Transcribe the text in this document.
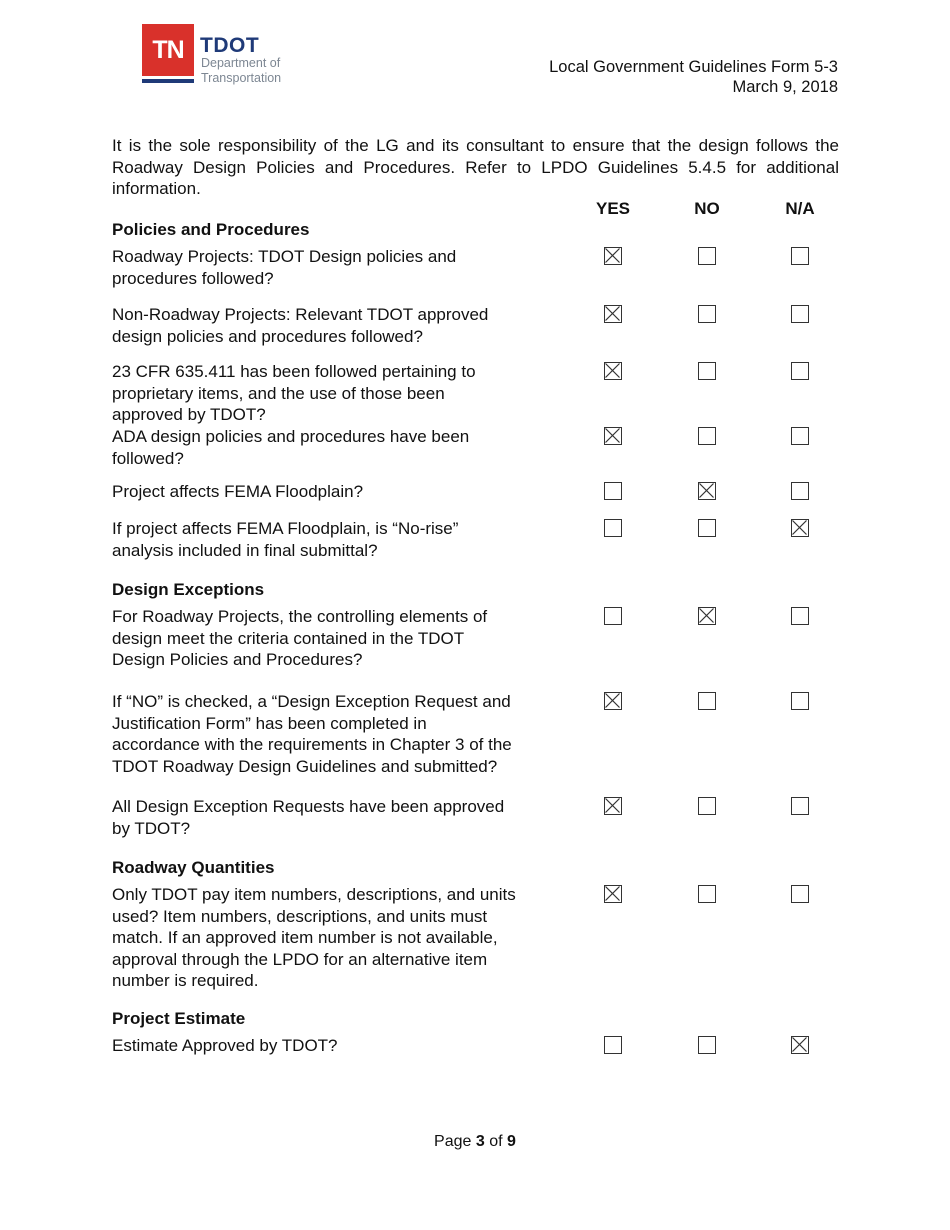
TN TDOT
Department of
Transportation
Local Government Guidelines Form 5-3
March 9, 2018
It is the sole responsibility of the LG and its consultant to ensure that the design follows the Roadway Design Policies and Procedures. Refer to LPDO Guidelines 5.4.5 for additional information.
YES	NO	N/A
Policies and Procedures
Design Exceptions
Roadway Quantities
Project Estimate
Roadway Projects: TDOT Design policies and
procedures followed?
Non-Roadway Projects: Relevant TDOT approved
design policies and procedures followed?
23 CFR 635.411 has been followed pertaining to
proprietary items, and the use of those been
approved by TDOT?
ADA design policies and procedures have been
followed?
Project affects FEMA Floodplain?
If project affects FEMA Floodplain, is “No-rise”
analysis included in final submittal?
For Roadway Projects, the controlling elements of
design meet the criteria contained in the TDOT
Design Policies and Procedures?
If “NO” is checked, a “Design Exception Request and
Justification Form” has been completed in
accordance with the requirements in Chapter 3 of the
TDOT Roadway Design Guidelines and submitted?
All Design Exception Requests have been approved
by TDOT?
Only TDOT pay item numbers, descriptions, and units
used? Item numbers, descriptions, and units must
match. If an approved item number is not available,
approval through the LPDO for an alternative item
number is required.
Estimate Approved by TDOT?
Page 3 of 9
